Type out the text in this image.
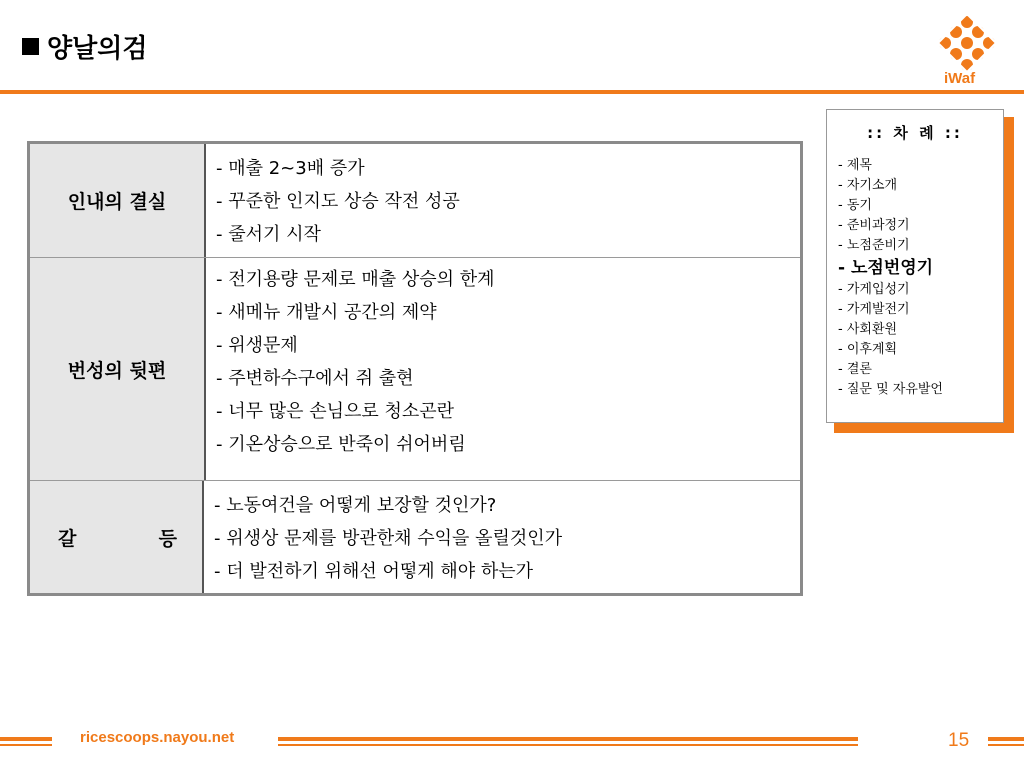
양날의검
iWaf
인내의 결실
- 매출 2~3배 증가
- 꾸준한 인지도 상승 작전 성공
- 줄서기 시작
번성의 뒷편
- 전기용량 문제로 매출 상승의 한계
- 새메뉴 개발시 공간의 제약
- 위생문제
- 주변하수구에서 쥐 출현
- 너무 많은 손님으로 청소곤란
- 기온상승으로 반죽이 쉬어버림
갈	등
- 노동여건을 어떻게 보장할 것인가?
- 위생상 문제를 방관한채 수익을 올릴것인가
- 더 발전하기 위해선 어떻게 해야 하는가
:: 차 례 ::
- 제목
- 자기소개
- 동기
- 준비과정기
- 노점준비기
- 노점번영기
- 가게입성기
- 가게발전기
- 사회환원
- 이후계획
- 결론
- 질문 및 자유발언
ricescoops.nayou.net	15
